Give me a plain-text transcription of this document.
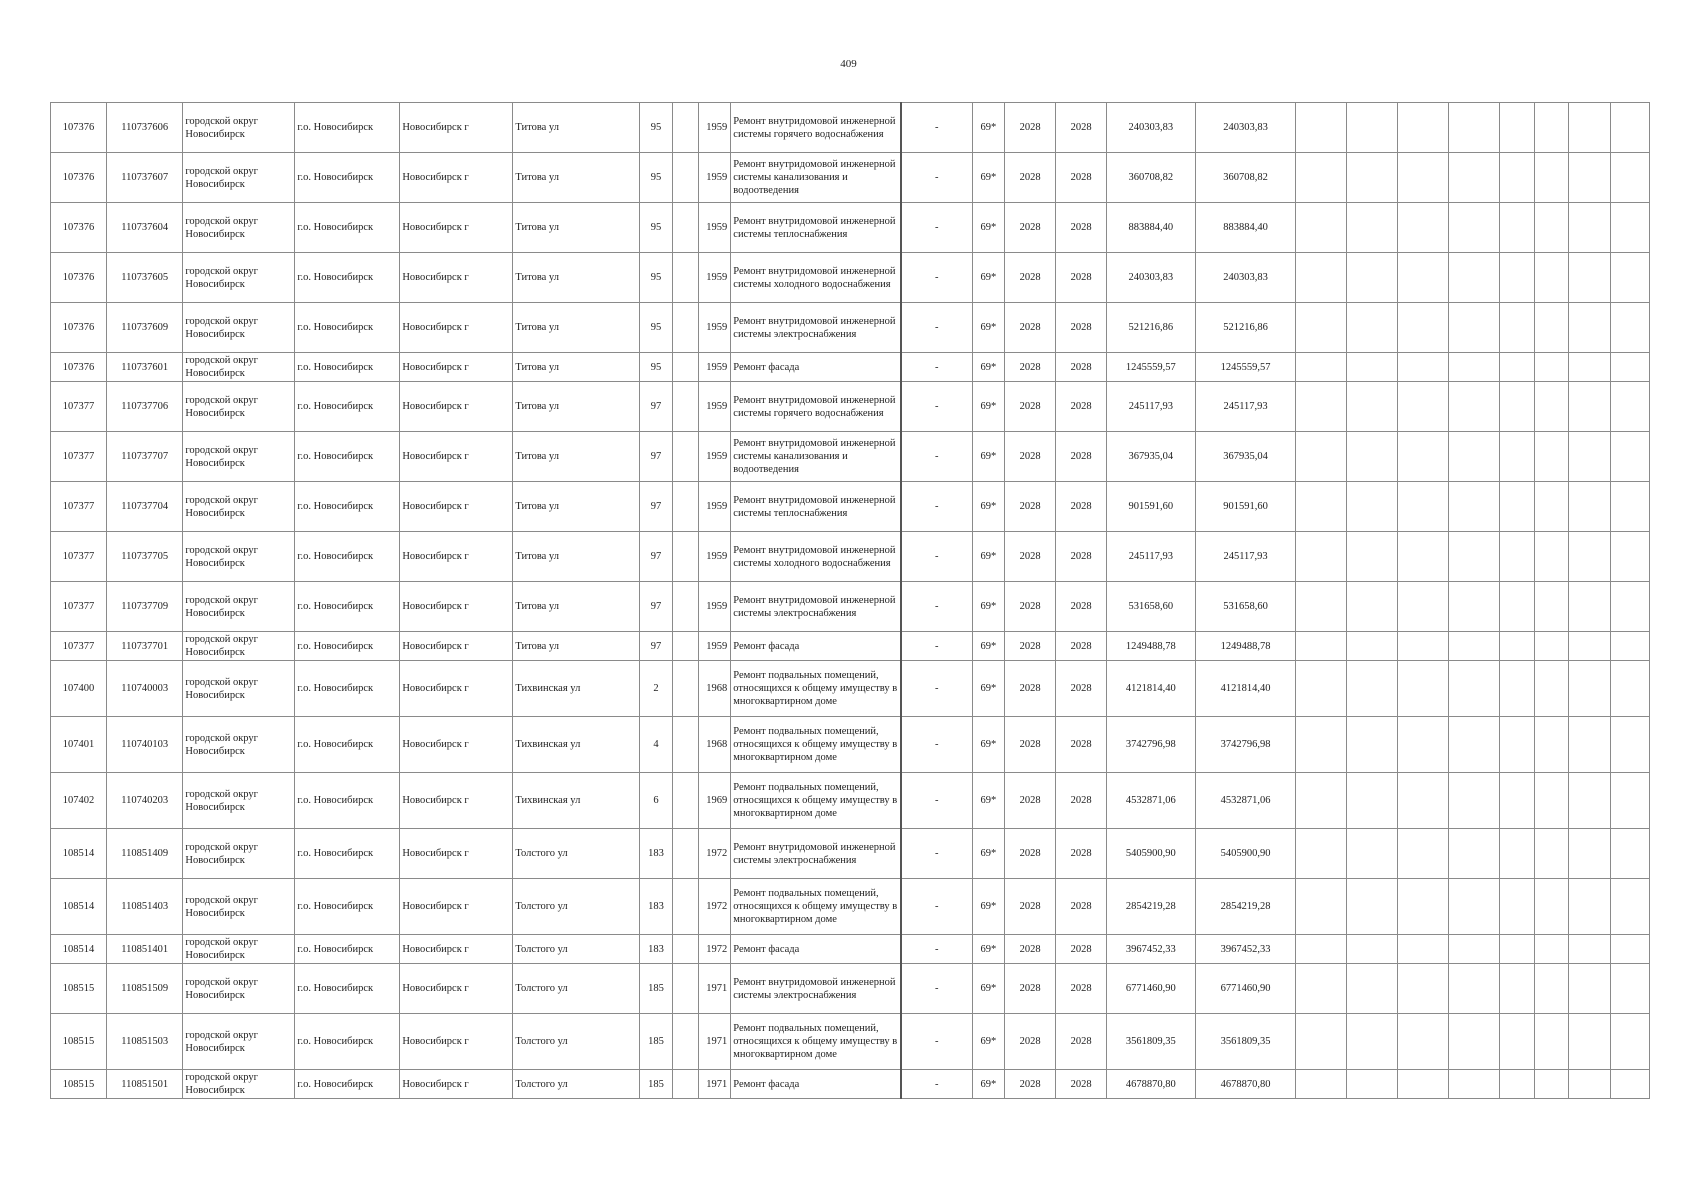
409
107376	110737606	городской округ Новосибирск	г.о. Новосибирск	Новосибирск г	Титова ул	95		1959	Ремонт внутридомовой инженерной системы горячего водоснабжения	-	69*	2028	2028	240303,83	240303,83								
107376	110737607	городской округ Новосибирск	г.о. Новосибирск	Новосибирск г	Титова ул	95		1959	Ремонт внутридомовой инженерной системы канализования и водоотведения	-	69*	2028	2028	360708,82	360708,82								
107376	110737604	городской округ Новосибирск	г.о. Новосибирск	Новосибирск г	Титова ул	95		1959	Ремонт внутридомовой инженерной системы теплоснабжения	-	69*	2028	2028	883884,40	883884,40								
107376	110737605	городской округ Новосибирск	г.о. Новосибирск	Новосибирск г	Титова ул	95		1959	Ремонт внутридомовой инженерной системы холодного водоснабжения	-	69*	2028	2028	240303,83	240303,83								
107376	110737609	городской округ Новосибирск	г.о. Новосибирск	Новосибирск г	Титова ул	95		1959	Ремонт внутридомовой инженерной системы электроснабжения	-	69*	2028	2028	521216,86	521216,86								
107376	110737601	городской округ Новосибирск	г.о. Новосибирск	Новосибирск г	Титова ул	95		1959	Ремонт фасада	-	69*	2028	2028	1245559,57	1245559,57								
107377	110737706	городской округ Новосибирск	г.о. Новосибирск	Новосибирск г	Титова ул	97		1959	Ремонт внутридомовой инженерной системы горячего водоснабжения	-	69*	2028	2028	245117,93	245117,93								
107377	110737707	городской округ Новосибирск	г.о. Новосибирск	Новосибирск г	Титова ул	97		1959	Ремонт внутридомовой инженерной системы канализования и водоотведения	-	69*	2028	2028	367935,04	367935,04								
107377	110737704	городской округ Новосибирск	г.о. Новосибирск	Новосибирск г	Титова ул	97		1959	Ремонт внутридомовой инженерной системы теплоснабжения	-	69*	2028	2028	901591,60	901591,60								
107377	110737705	городской округ Новосибирск	г.о. Новосибирск	Новосибирск г	Титова ул	97		1959	Ремонт внутридомовой инженерной системы холодного водоснабжения	-	69*	2028	2028	245117,93	245117,93								
107377	110737709	городской округ Новосибирск	г.о. Новосибирск	Новосибирск г	Титова ул	97		1959	Ремонт внутридомовой инженерной системы электроснабжения	-	69*	2028	2028	531658,60	531658,60								
107377	110737701	городской округ Новосибирск	г.о. Новосибирск	Новосибирск г	Титова ул	97		1959	Ремонт фасада	-	69*	2028	2028	1249488,78	1249488,78								
107400	110740003	городской округ Новосибирск	г.о. Новосибирск	Новосибирск г	Тихвинская ул	2		1968	Ремонт подвальных помещений, относящихся к общему имуществу в многоквартирном доме	-	69*	2028	2028	4121814,40	4121814,40								
107401	110740103	городской округ Новосибирск	г.о. Новосибирск	Новосибирск г	Тихвинская ул	4		1968	Ремонт подвальных помещений, относящихся к общему имуществу в многоквартирном доме	-	69*	2028	2028	3742796,98	3742796,98								
107402	110740203	городской округ Новосибирск	г.о. Новосибирск	Новосибирск г	Тихвинская ул	6		1969	Ремонт подвальных помещений, относящихся к общему имуществу в многоквартирном доме	-	69*	2028	2028	4532871,06	4532871,06								
108514	110851409	городской округ Новосибирск	г.о. Новосибирск	Новосибирск г	Толстого ул	183		1972	Ремонт внутридомовой инженерной системы электроснабжения	-	69*	2028	2028	5405900,90	5405900,90								
108514	110851403	городской округ Новосибирск	г.о. Новосибирск	Новосибирск г	Толстого ул	183		1972	Ремонт подвальных помещений, относящихся к общему имуществу в многоквартирном доме	-	69*	2028	2028	2854219,28	2854219,28								
108514	110851401	городской округ Новосибирск	г.о. Новосибирск	Новосибирск г	Толстого ул	183		1972	Ремонт фасада	-	69*	2028	2028	3967452,33	3967452,33								
108515	110851509	городской округ Новосибирск	г.о. Новосибирск	Новосибирск г	Толстого ул	185		1971	Ремонт внутридомовой инженерной системы электроснабжения	-	69*	2028	2028	6771460,90	6771460,90								
108515	110851503	городской округ Новосибирск	г.о. Новосибирск	Новосибирск г	Толстого ул	185		1971	Ремонт подвальных помещений, относящихся к общему имуществу в многоквартирном доме	-	69*	2028	2028	3561809,35	3561809,35								
108515	110851501	городской округ Новосибирск	г.о. Новосибирск	Новосибирск г	Толстого ул	185		1971	Ремонт фасада	-	69*	2028	2028	4678870,80	4678870,80								
